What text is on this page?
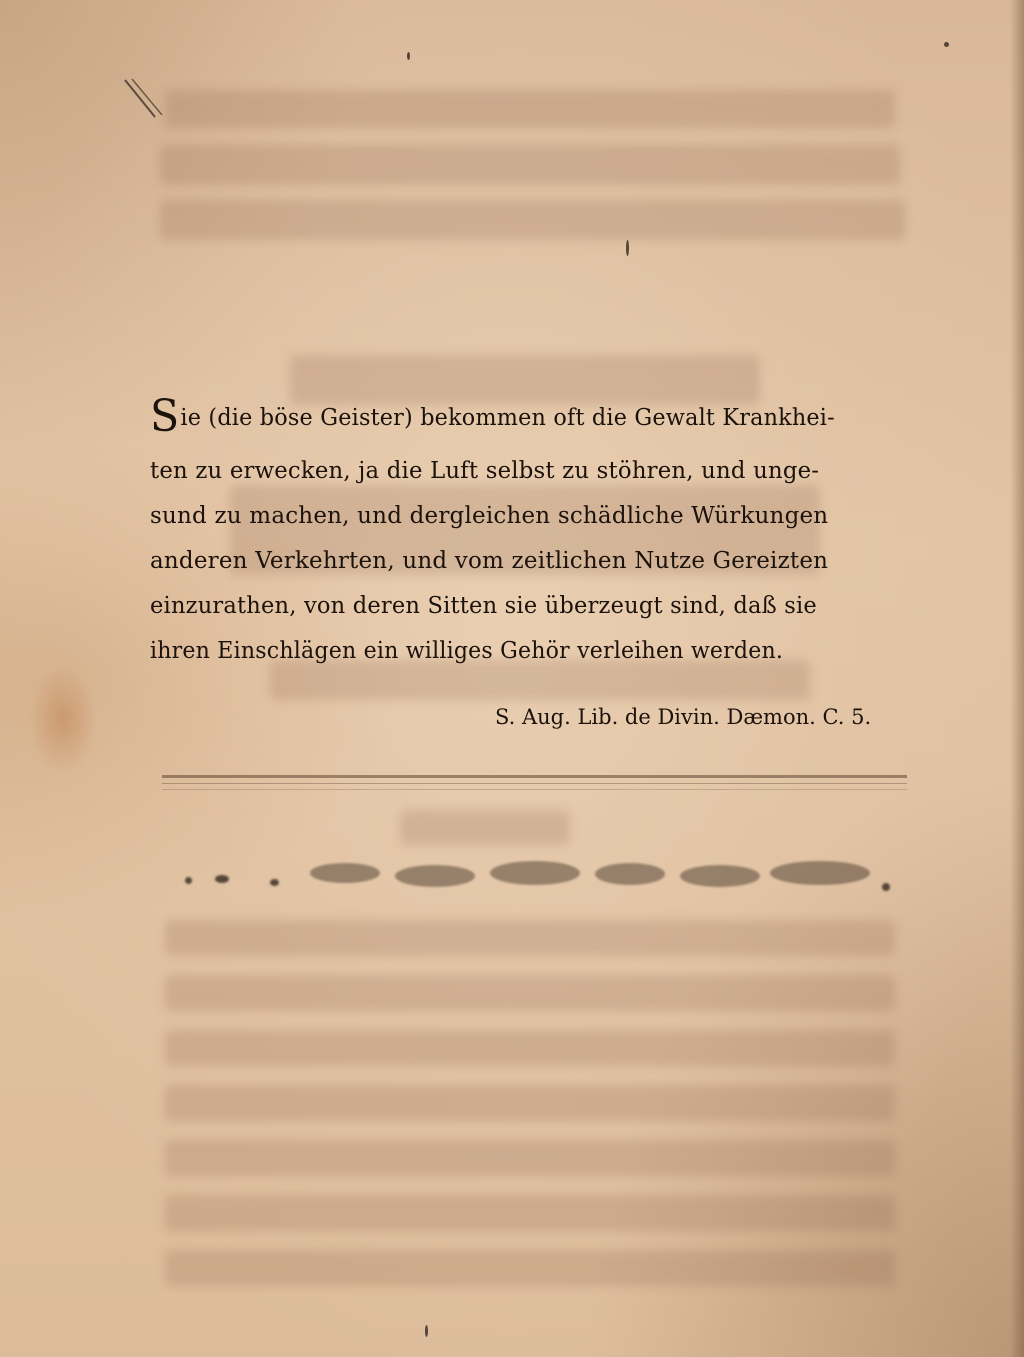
Sie (die böse Geister) bekommen oft die Gewalt Krankhei-
ten zu erwecken, ja die Luft selbst zu stöhren, und unge-
sund zu machen, und dergleichen schädliche Würkungen
anderen Verkehrten, und vom zeitlichen Nutze Gereizten
einzurathen, von deren Sitten sie überzeugt sind, daß sie
ihren Einschlägen ein williges Gehör verleihen werden.
S. Aug. Lib. de Divin. Dæmon. C. 5.
